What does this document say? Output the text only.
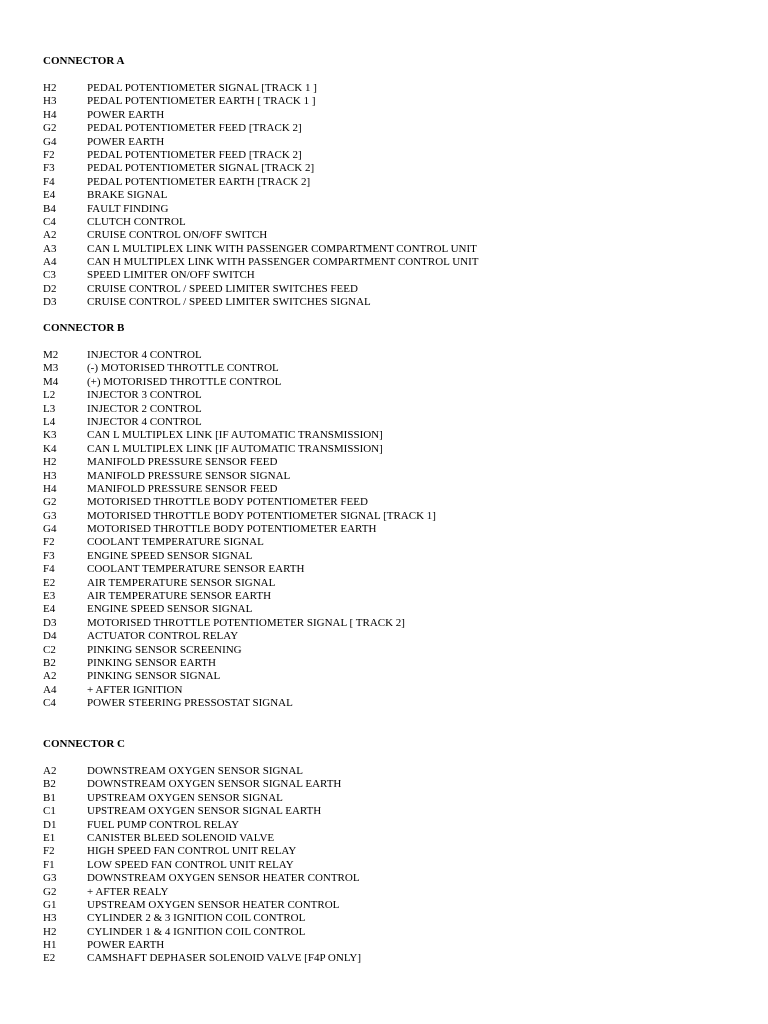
CONNECTOR A
H2	PEDAL POTENTIOMETER SIGNAL [TRACK 1 ]
H3	PEDAL POTENTIOMETER EARTH [ TRACK 1 ]
H4	POWER EARTH
G2	PEDAL POTENTIOMETER FEED [TRACK 2]
G4	POWER EARTH
F2	PEDAL POTENTIOMETER FEED [TRACK 2]
F3	PEDAL POTENTIOMETER SIGNAL [TRACK 2]
F4	PEDAL POTENTIOMETER EARTH [TRACK 2]
E4	BRAKE SIGNAL
B4	FAULT FINDING
C4	CLUTCH CONTROL
A2	CRUISE CONTROL ON/OFF SWITCH
A3	CAN L MULTIPLEX LINK WITH PASSENGER COMPARTMENT CONTROL UNIT
A4	CAN H MULTIPLEX LINK WITH PASSENGER COMPARTMENT CONTROL UNIT
C3	SPEED LIMITER ON/OFF SWITCH
D2	CRUISE CONTROL / SPEED LIMITER SWITCHES FEED
D3	CRUISE CONTROL / SPEED LIMITER SWITCHES SIGNAL
CONNECTOR B
M2	INJECTOR 4 CONTROL
M3	(-) MOTORISED THROTTLE CONTROL
M4	(+) MOTORISED THROTTLE CONTROL
L2	INJECTOR 3 CONTROL
L3	INJECTOR 2 CONTROL
L4	INJECTOR 4 CONTROL
K3	CAN L MULTIPLEX LINK [IF AUTOMATIC TRANSMISSION]
K4	CAN L MULTIPLEX LINK [IF AUTOMATIC TRANSMISSION]
H2	MANIFOLD PRESSURE SENSOR FEED
H3	MANIFOLD PRESSURE SENSOR SIGNAL
H4	MANIFOLD PRESSURE SENSOR FEED
G2	MOTORISED THROTTLE BODY POTENTIOMETER FEED
G3	MOTORISED THROTTLE BODY POTENTIOMETER SIGNAL [TRACK 1]
G4	MOTORISED THROTTLE BODY POTENTIOMETER EARTH
F2	COOLANT TEMPERATURE SIGNAL
F3	ENGINE SPEED SENSOR SIGNAL
F4	COOLANT TEMPERATURE SENSOR EARTH
E2	AIR TEMPERATURE SENSOR SIGNAL
E3	AIR TEMPERATURE SENSOR EARTH
E4	ENGINE SPEED SENSOR SIGNAL
D3	MOTORISED THROTTLE POTENTIOMETER SIGNAL [ TRACK 2]
D4	ACTUATOR CONTROL RELAY
C2	PINKING SENSOR SCREENING
B2	PINKING SENSOR EARTH
A2	PINKING SENSOR SIGNAL
A4	+ AFTER IGNITION
C4	POWER STEERING PRESSOSTAT SIGNAL
CONNECTOR C
A2	DOWNSTREAM OXYGEN SENSOR SIGNAL
B2	DOWNSTREAM OXYGEN SENSOR SIGNAL EARTH
B1	UPSTREAM OXYGEN SENSOR SIGNAL
C1	UPSTREAM OXYGEN SENSOR SIGNAL EARTH
D1	FUEL PUMP CONTROL RELAY
E1	CANISTER BLEED SOLENOID VALVE
F2	HIGH SPEED FAN CONTROL UNIT RELAY
F1	LOW SPEED FAN CONTROL UNIT RELAY
G3	DOWNSTREAM OXYGEN SENSOR HEATER CONTROL
G2	+ AFTER REALY
G1	UPSTREAM OXYGEN SENSOR HEATER CONTROL
H3	CYLINDER 2 & 3 IGNITION COIL CONTROL
H2	CYLINDER 1 & 4 IGNITION COIL CONTROL
H1	POWER EARTH
E2	CAMSHAFT DEPHASER SOLENOID VALVE [F4P ONLY]
